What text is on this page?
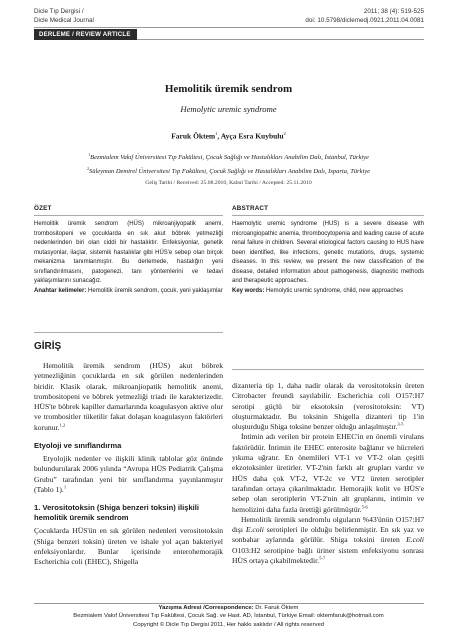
Dicle Tıp Dergisi /
Dicle Medical Journal
2011; 38 (4): 519-525
doi: 10.5798/diclemedj.0921.2011.04.0081
DERLEME / REVIEW ARTICLE
Hemolitik üremik sendrom
Hemolytic uremic syndrome
Faruk Öktem$^1$, Ayça Esra Kuybulu$^2$
$^1$Bezmialem Vakıf Üniversitesi Tıp Fakültesi, Çocuk Sağlığı ve Hastalıkları Anabilim Dalı, İstanbul, Türkiye
$^2$Süleyman Demirel Üniversitesi Tıp Fakültesi, Çocuk Sağlığı ve Hastalıkları Anabilim Dalı, Isparta, Türkiye
Geliş Tarihi / Received: 25.08.2010, Kabul Tarihi / Accepted: 25.11.2010
ÖZET
Hemolitik üremik sendrom (HÜS) mikroanjiyopatik anemi, trombositopeni ve çocuklarda en sık akut böbrek yetmezliği nedenlerinden biri olan ciddi bir hastalıktır. Enfeksiyonlar, genetik mutasyonlar, ilaçlar, sistemik hastalıklar gibi HÜS'e sebep olan birçok mekanizma tanımlanmıştır. Bu derlemede, hastalığın yeni sınıflandırılmasını, patogenezi, tanı yöntemlerini ve tedavi yaklaşımlarını sunacağız.
Anahtar kelimeler: Hemolitik üremik sendrom, çocuk, yeni yaklaşımlar
ABSTRACT
Haemolytic uremic syndrome (HUS) is a severe disease with microangiopathic anemia, thrombocytopenia and leading cause of acute renal failure in children. Several etiological factors causing to HUS have been identified, like infections, genetic mutations, drugs, systemic diseases. In this review, we present the new classification of the disease, detailed information about pathogenesis, diagnostic methods and therapeutic approaches.
Key words: Hemolytic uremic syndrome, child, new approaches
GİRİŞ

Hemolitik üremik sendrom (HÜS) akut böbrek yetmezliğinin çocuklarda en sık görülen nedenlerinden biridir. Klasik olarak, mikroanjiopatik hemolitik anemi, trombositopeni ve böbrek yetmezliği triadı ile karakterizedir. HÜS'te böbrek kapiller damarlarında koagulasyon aktive olur ve trombositler tüketilir fakat dolaşan koagulasyon faktörleri korunur.$^{1,2}$

Etyoloji ve sınıflandırma

Etyolojik nedenler ve ilişkili klinik tablolar göz önünde bulundurularak 2006 yılında “Avrupa HÜS Pediatrik Çalışma Grubu” tarafından yeni bir sınıflandırma yayınlanmıştır (Tablo 1).$^1$

1. Verositotoksin (Shiga benzeri toksin) ilişkili hemolitik üremik sendrom

Çocuklarda HÜS'ün en sık görülen nedenleri verositotoksin (Shiga benzeri toksin) üreten ve ishale yol açan bakteriyel enfeksiyonlardır. Bunlar içerisinde enterohemorajik Escherichia coli (EHEC), Shigella

dizanteria tip 1, daha nadir olarak da verositotoksin üreten Citrobacter freundi sayılabilir. Escherichia coli O157:H7 serotipi güçlü bir eksotoksin (verositotoksin: VT) oluşturmaktadır. Bu toksinin Shigella dizanteri tip 1'in oluşturduğu Shiga toksine benzer olduğu anlaşılmıştır.$^{3-5}$

İntimin adı verilen bir protein EHEC'in en önemli virulans faktörüdür. İntimin ile EHEC enterosite bağlanır ve hücreleri yıkıma uğratır. En önemlileri VT-1 ve VT-2 olan çeşitli ekzotoksinler üretirler. VT-2'nin farklı alt grupları vardır ve HÜS daha çok VT-2, VT-2c ve VT2 üreten serotipler tarafından ortaya çıkarılmaktadır. Hemorajik kolit ve HÜS'e sebep olan serotiplerin VT-2'nin alt gruplarını, intimin ve hemolizini daha fazla ürettiği görülmüştür.$^{5-6}$

Hemolitik üremik sendromlu olguların %43'ünün O157:H7 dışı E.coli serotipleri ile olduğu belirlenmiştir. En sık yaz ve sonbahar aylarında görülür. Shiga toksini üreten E.coli O103:H2 serotipine bağlı üriner sistem enfeksiyonu sonrası HÜS ortaya çıkabilmektedir.$^{5-7}$

Yazışma Adresi /Correspondence: Dr. Faruk Öktem
Bezmialem Vakıf Üniversitesi Tıp Fakültesi, Çocuk Sağ. ve Hast. AD, İstanbul, Türkiye Email: oktemfaruk@hotmail.com
Copyright © Dicle Tıp Dergisi 2011, Her hakkı saklıdır / All rights reserved
